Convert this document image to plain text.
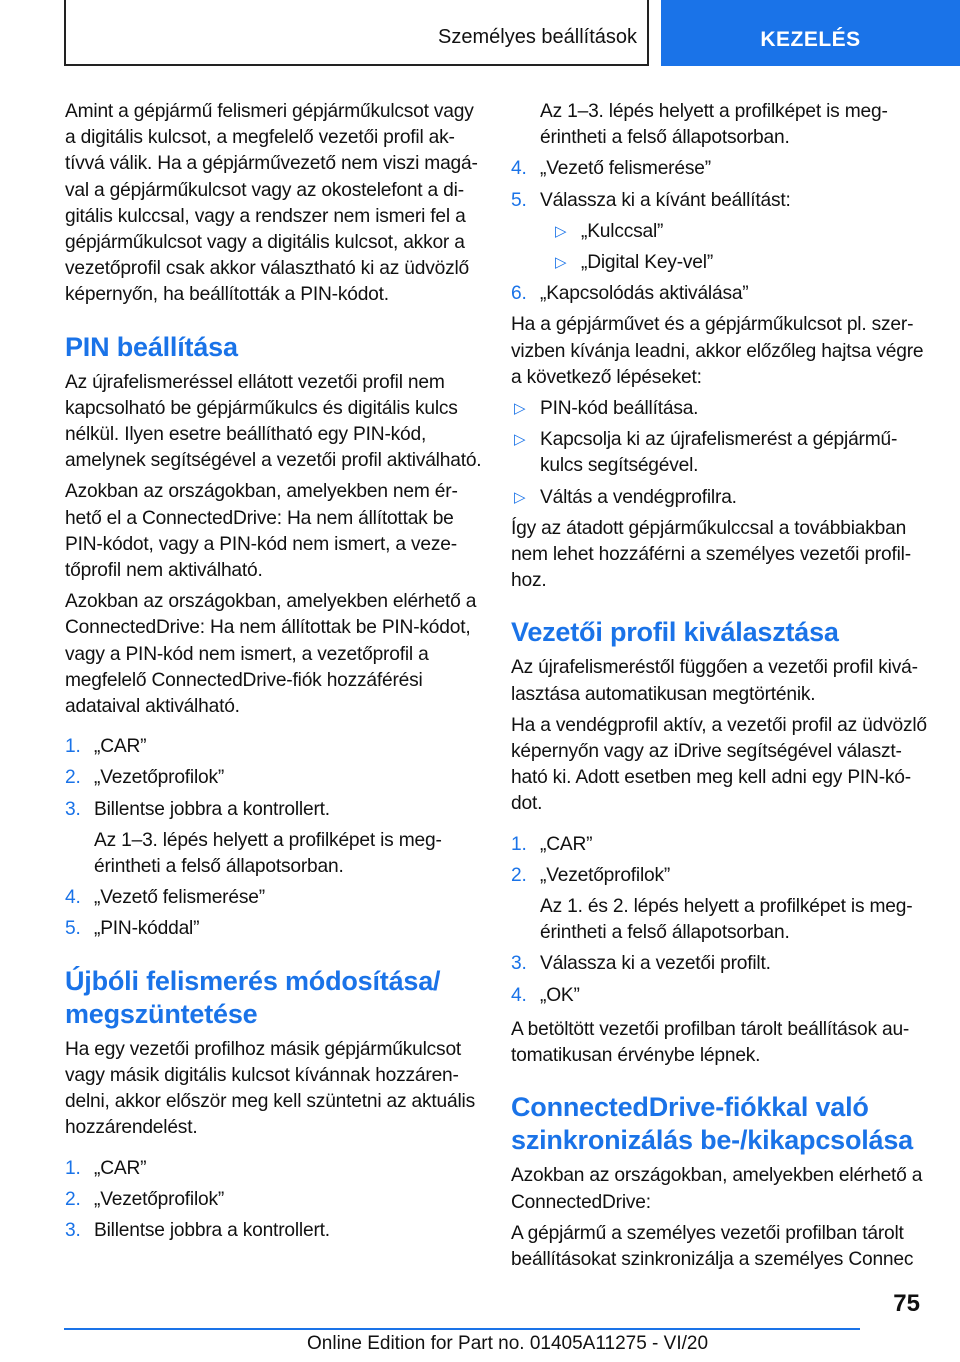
Személyes beállítások	KEZELÉS

Amint a gépjármű felismeri gépjárműkulcsot vagy a digitális kulcsot, a megfelelő vezetői profil aktívvá válik. Ha a gépjárművezető nem viszi magával a gépjárműkulcsot vagy az okostelefont a digitális kulccsal, vagy a rendszer nem ismeri fel a gépjárműkulcsot vagy a digitális kulcsot, akkor a vezetőprofil csak akkor választható ki az üdvözlő képernyőn, ha beállították a PIN-kódot.

PIN beállítása

Az újrafelismeréssel ellátott vezetői profil nem kapcsolható be gépjárműkulcs és digitális kulcs nélkül. Ilyen esetre beállítható egy PIN-kód, amelynek segítségével a vezetői profil aktiválható.

Azokban az országokban, amelyekben nem érhető el a ConnectedDrive: Ha nem állítottak be PIN-kódot, vagy a PIN-kód nem ismert, a vezetőprofil nem aktiválható.

Azokban az országokban, amelyekben elérhető a ConnectedDrive: Ha nem állítottak be PIN-kódot, vagy a PIN-kód nem ismert, a vezetőprofil a megfelelő ConnectedDrive-fiók hozzáférési adataival aktiválható.

1. „CAR”
2. „Vezetőprofilok”
3. Billentse jobbra a kontrollert.
Az 1–3. lépés helyett a profilképet is megérintheti a felső állapotsorban.
4. „Vezető felismerése”
5. „PIN-kóddal”
Újbóli felismerés módosítása/ megszüntetése

Ha egy vezetői profilhoz másik gépjárműkulcsot vagy másik digitális kulcsot kívánnak hozzárendelni, akkor először meg kell szüntetni az aktuális hozzárendelést.

1. „CAR”
2. „Vezetőprofilok”
3. Billentse jobbra a kontrollert.
Az 1–3. lépés helyett a profilképet is megérintheti a felső állapotsorban.
4. „Vezető felismerése”
5. Válassza ki a kívánt beállítást:
▷ „Kulccsal”
▷ „Digital Key-vel”
6. „Kapcsolódás aktiválása”

Ha a gépjárművet és a gépjárműkulcsot pl. szervizben kívánja leadni, akkor előzőleg hajtsa végre a következő lépéseket:

▷ PIN-kód beállítása.
▷ Kapcsolja ki az újrafelismerést a gépjárműkulcs segítségével.
▷ Váltás a vendégprofilra.

Így az átadott gépjárműkulccsal a továbbiakban nem lehet hozzáférni a személyes vezetői profilhoz.

Vezetői profil kiválasztása

Az újrafelismeréstől függően a vezetői profil kiválasztása automatikusan megtörténik.

Ha a vendégprofil aktív, a vezetői profil az üdvözlő képernyőn vagy az iDrive segítségével választható ki. Adott esetben meg kell adni egy PIN-kódot.

1. „CAR”
2. „Vezetőprofilok”
Az 1. és 2. lépés helyett a profilképet is megérintheti a felső állapotsorban.
3. Válassza ki a vezetői profilt.
4. „OK”

A betöltött vezetői profilban tárolt beállítások automatikusan érvénybe lépnek.

ConnectedDrive-fiókkal való szinkronizálás be-/kikapcsolása

Azokban az országokban, amelyekben elérhető a ConnectedDrive:

A gépjármű a személyes vezetői profilban tárolt beállításokat szinkronizálja a személyes Connec

75
Online Edition for Part no. 01405A11275 - VI/20
